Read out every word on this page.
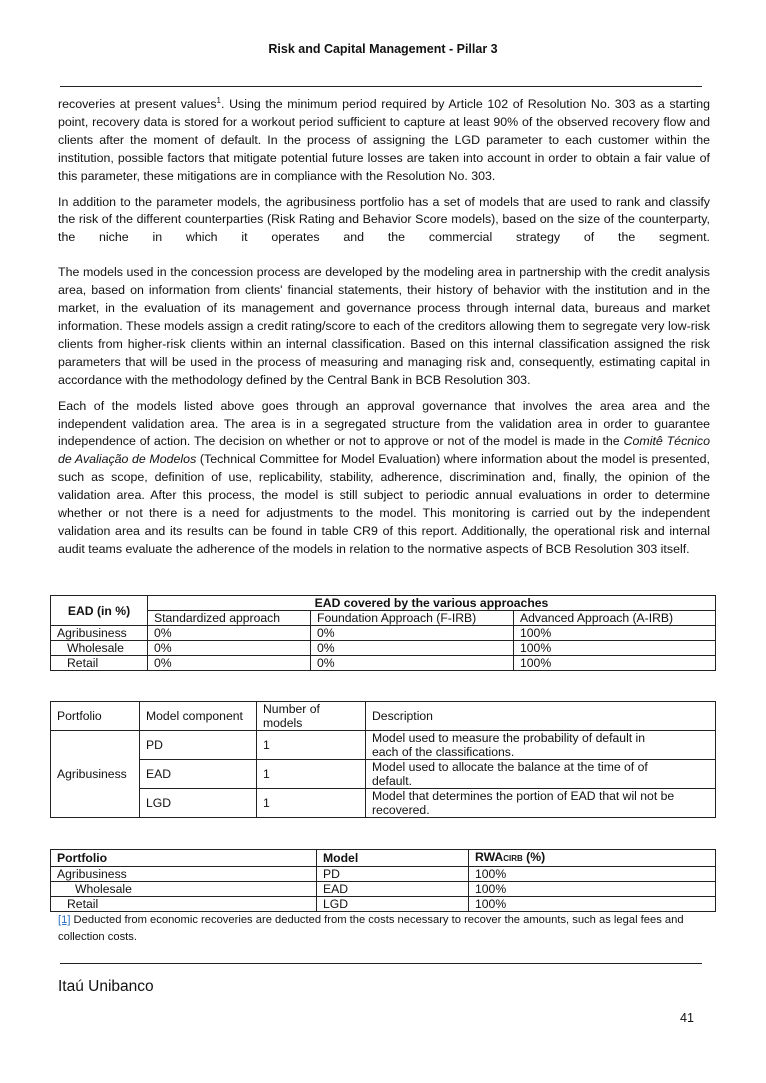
Risk and Capital Management - Pillar 3

recoveries at present values$^1$. Using the minimum period required by Article 102 of Resolution No. 303 as a starting point, recovery data is stored for a workout period sufficient to capture at least 90% of the observed recovery flow and clients after the moment of default. In the process of assigning the LGD parameter to each customer within the institution, possible factors that mitigate potential future losses are taken into account in order to obtain a fair value of this parameter, these mitigations are in compliance with the Resolution No. 303.

In addition to the parameter models, the agribusiness portfolio has a set of models that are used to rank and classify the risk of the different counterparties (Risk Rating and Behavior Score models), based on the size of the counterparty, the niche in which it operates and the commercial strategy of the segment.

The models used in the concession process are developed by the modeling area in partnership with the credit analysis area, based on information from clients' financial statements, their history of behavior with the institution and in the market, in the evaluation of its management and governance process through internal data, bureaus and market information. These models assign a credit rating/score to each of the creditors allowing them to segregate very low-risk clients from higher-risk clients within an internal classification. Based on this internal classification assigned the risk parameters that will be used in the process of measuring and managing risk and, consequently, estimating capital in accordance with the methodology defined by the Central Bank in BCB Resolution 303.

Each of the models listed above goes through an approval governance that involves the area area and the independent validation area. The area is in a segregated structure from the validation area in order to guarantee independence of action. The decision on whether or not to approve or not of the model is made in the Comitê Técnico de Avaliação de Modelos (Technical Committee for Model Evaluation) where information about the model is presented, such as scope, definition of use, replicability, stability, adherence, discrimination and, finally, the opinion of the validation area. After this process, the model is still subject to periodic annual evaluations in order to determine whether or not there is a need for adjustments to the model. This monitoring is carried out by the independent validation area and its results can be found in table CR9 of this report. Additionally, the operational risk and internal audit teams evaluate the adherence of the models in relation to the normative aspects of BCB Resolution 303 itself.

EAD (in %)	EAD covered by the various approaches		
	Standardized approach	Foundation Approach (F-IRB)	Advanced Approach (A-IRB)
Agribusiness	0%	0%	100%
Wholesale	0%	0%	100%
Retail	0%	0%	100%
Portfolio	Model component	Number of models	Description
Agribusiness	PD	1	Model used to measure the probability of default in each of the classifications.
	EAD	1	Model used to allocate the balance at the time of of default.
	LGD	1	Model that determines the portion of EAD that wil not be recovered.
Portfolio	Model	RWACIRB (%)
Agribusiness	PD	100%
Wholesale	EAD	100%
Retail	LGD	100%
[1] Deducted from economic recoveries are deducted from the costs necessary to recover the amounts, such as legal fees and collection costs.
Itaú Unibanco
41
